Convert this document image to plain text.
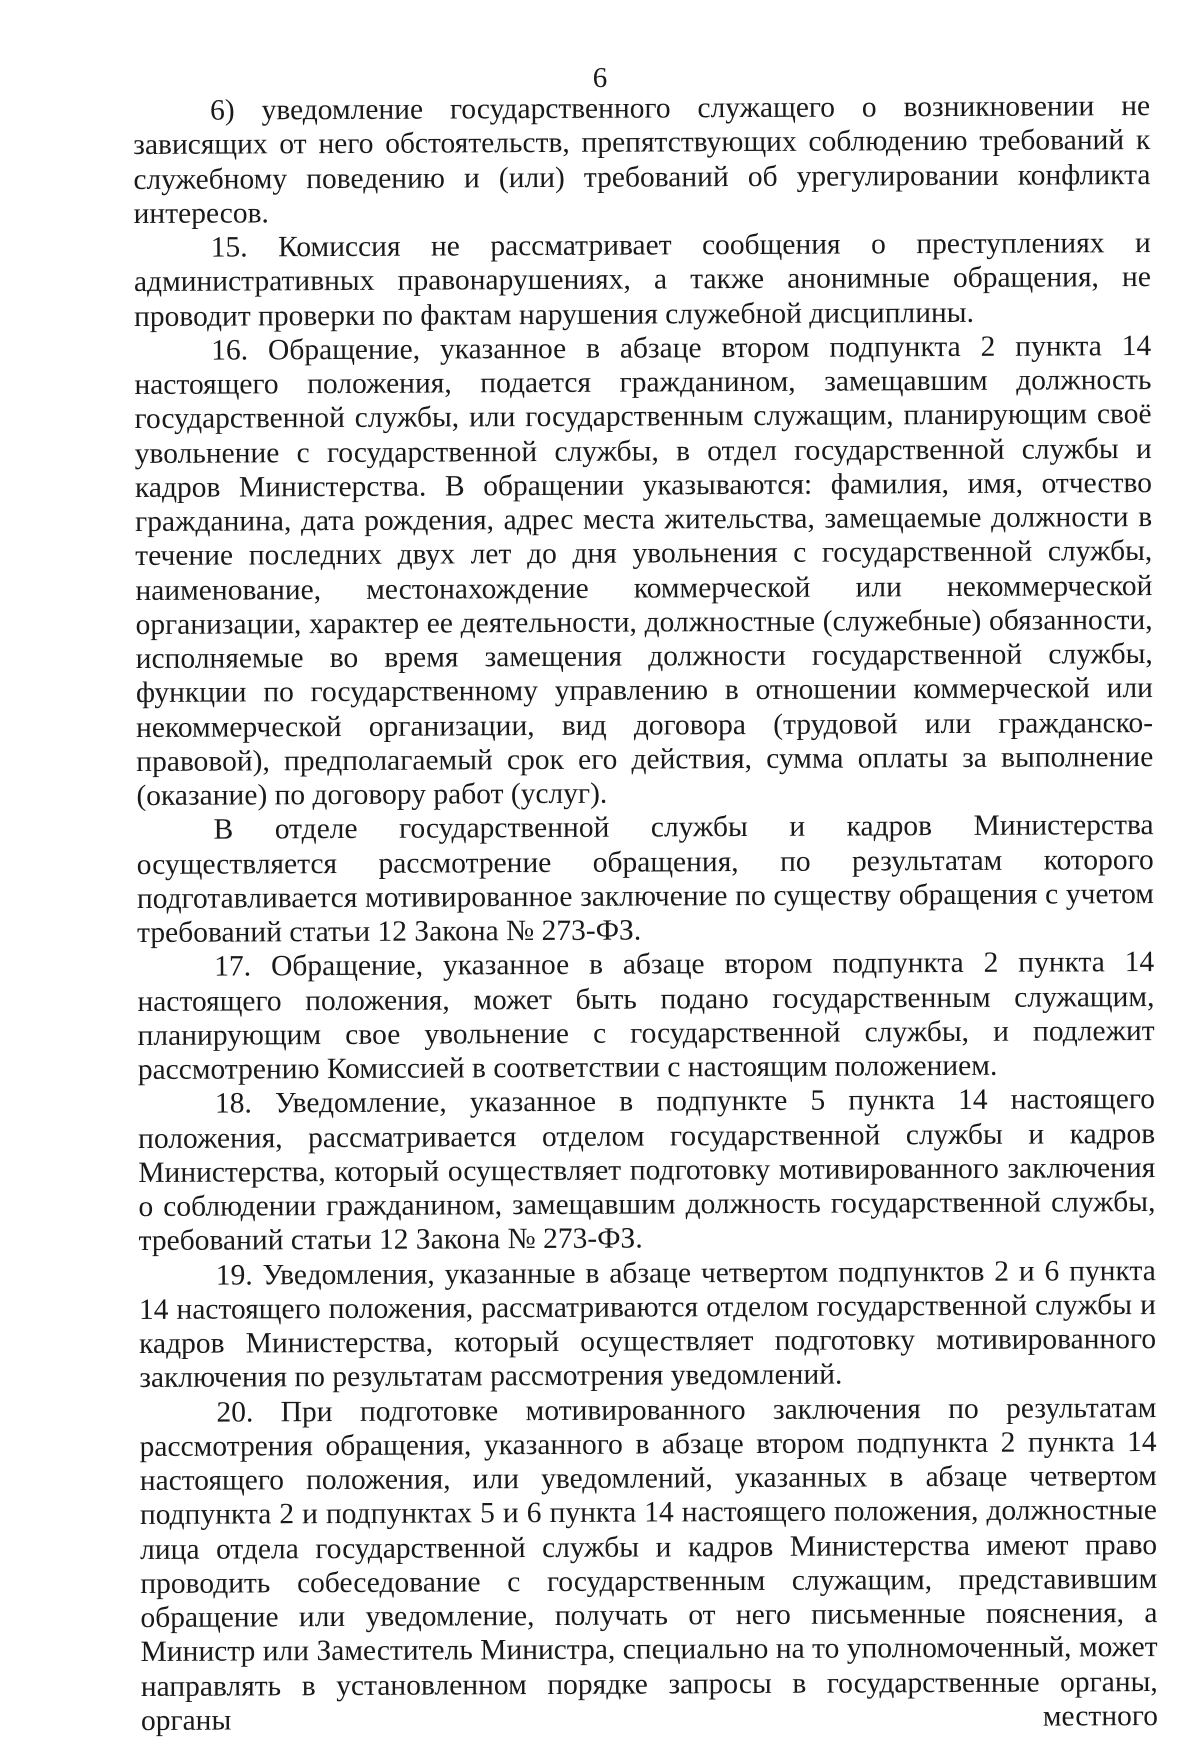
6

6) уведомление государственного служащего о возникновении не зависящих от него обстоятельств, препятствующих соблюдению требований к служебному поведению и (или) требований об урегулировании конфликта интересов.

15. Комиссия не рассматривает сообщения о преступлениях и административных правонарушениях, а также анонимные обращения, не проводит проверки по фактам нарушения служебной дисциплины.

16. Обращение, указанное в абзаце втором подпункта 2 пункта 14 настоящего положения, подается гражданином, замещавшим должность государственной службы, или государственным служащим, планирующим своё увольнение с государственной службы, в отдел государственной службы и кадров Министерства. В обращении указываются: фамилия, имя, отчество гражданина, дата рождения, адрес места жительства, замещаемые должности в течение последних двух лет до дня увольнения с государственной службы, наименование, местонахождение коммерческой или некоммерческой организации, характер ее деятельности, должностные (служебные) обязанности, исполняемые во время замещения должности государственной службы, функции по государственному управлению в отношении коммерческой или некоммерческой организации, вид договора (трудовой или гражданско-правовой), предполагаемый срок его действия, сумма оплаты за выполнение (оказание) по договору работ (услуг).

В отделе государственной службы и кадров Министерства осуществляется рассмотрение обращения, по результатам которого подготавливается мотивированное заключение по существу обращения с учетом требований статьи 12 Закона № 273-ФЗ.

17. Обращение, указанное в абзаце втором подпункта 2 пункта 14 настоящего положения, может быть подано государственным служащим, планирующим свое увольнение с государственной службы, и подлежит рассмотрению Комиссией в соответствии с настоящим положением.

18. Уведомление, указанное в подпункте 5 пункта 14 настоящего положения, рассматривается отделом государственной службы и кадров Министерства, который осуществляет подготовку мотивированного заключения о соблюдении гражданином, замещавшим должность государственной службы, требований статьи 12 Закона № 273-ФЗ.

19. Уведомления, указанные в абзаце четвертом подпунктов 2 и 6 пункта 14 настоящего положения, рассматриваются отделом государственной службы и кадров Министерства, который осуществляет подготовку мотивированного заключения по результатам рассмотрения уведомлений.

20. При подготовке мотивированного заключения по результатам рассмотрения обращения, указанного в абзаце втором подпункта 2 пункта 14 настоящего положения, или уведомлений, указанных в абзаце четвертом подпункта 2 и подпунктах 5 и 6 пункта 14 настоящего положения, должностные лица отдела государственной службы и кадров Министерства имеют право проводить собеседование с государственным служащим, представившим обращение или уведомление, получать от него письменные пояснения, а Министр или Заместитель Министра, специально на то уполномоченный, может направлять в установленном порядке запросы в государственные органы, органы местного
